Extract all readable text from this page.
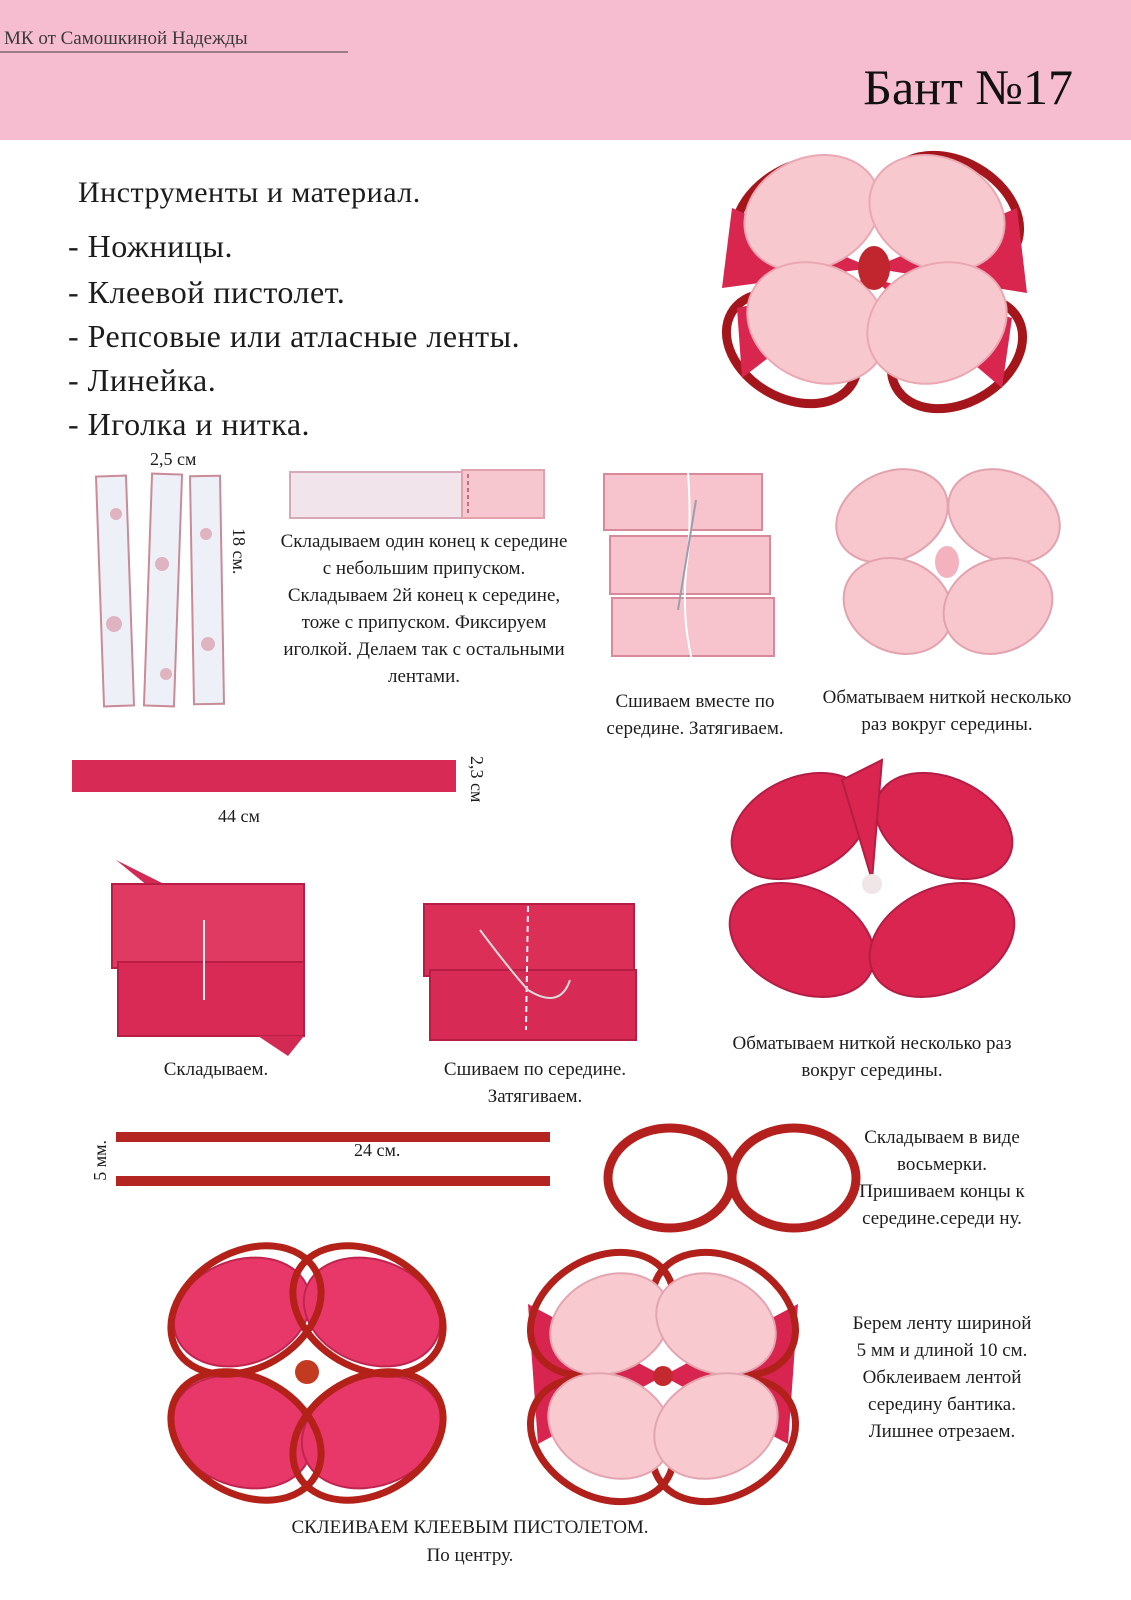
МК от Самошкиной Надежды
Бант №17
Инструменты и материал.
- Ножницы.
- Клеевой пистолет.
- Репсовые или атласные ленты.
- Линейка.
- Иголка и нитка.
2,5 см
18 см. Складываем один конец к середине с небольшим припуском. Складываем 2й конец к середине, тоже с припуском. Фиксируем иголкой. Делаем так с остальными лентами.
Сшиваем вместе по середине. Затягиваем.
Обматываем ниткой несколько раз вокруг середины.
44 см
2,3 см
Складываем.	Сшиваем по середине. Затягиваем.
Обматываем ниткой несколько раз вокруг середины.
24 см.
5 мм.
Складываем в виде восьмерки. Пришиваем концы к середине.середи ну.
Берем ленту шириной 5 мм и длиной 10 см. Обклеиваем лентой середину бантика. Лишнее отрезаем.
СКЛЕИВАЕМ КЛЕЕВЫМ ПИСТОЛЕТОМ.
По центру.
